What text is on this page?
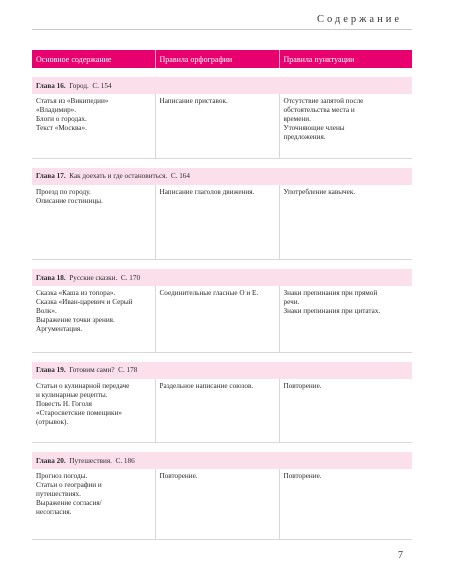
Содержание
Основное содержание	Правила орфографии	Правила пунктуации

Глава 16. Город. С. 154		

Статья из «Википедии»
«Владимир».
Блоги о городах.
Текст «Москва».	Написание приставок.	Отсутствие запятой после
обстоятельства места и
времени.
Уточняющие члены
предложения.

Глава 17. Как доехать и где остановиться. С. 164		

Проезд по городу.
Описание гостиницы.	Написание глаголов движения.	Употребление кавычек.

Глава 18. Русские сказки. С. 170		

Сказка «Каша из топора».
Сказка «Иван-царевич и Серый
Волк».
Выражение точки зрения.
Аргументация.	Соединительные гласные О и Е.	Знаки препинания при прямой
речи.
Знаки препинания при цитатах.

Глава 19. Готовим сами? С. 178		

Статьи о кулинарной передаче
и кулинарные рецепты.
Повесть Н. Гоголя
«Старосветские помещики»
(отрывок).	Раздельное написание союзов.	Повторение.

Глава 20. Путешествия. С. 186		

Прогноз погоды.
Статьи о географии и
путешествиях.
Выражение согласия/
несогласия.	Повторение.	Повторение.
7
